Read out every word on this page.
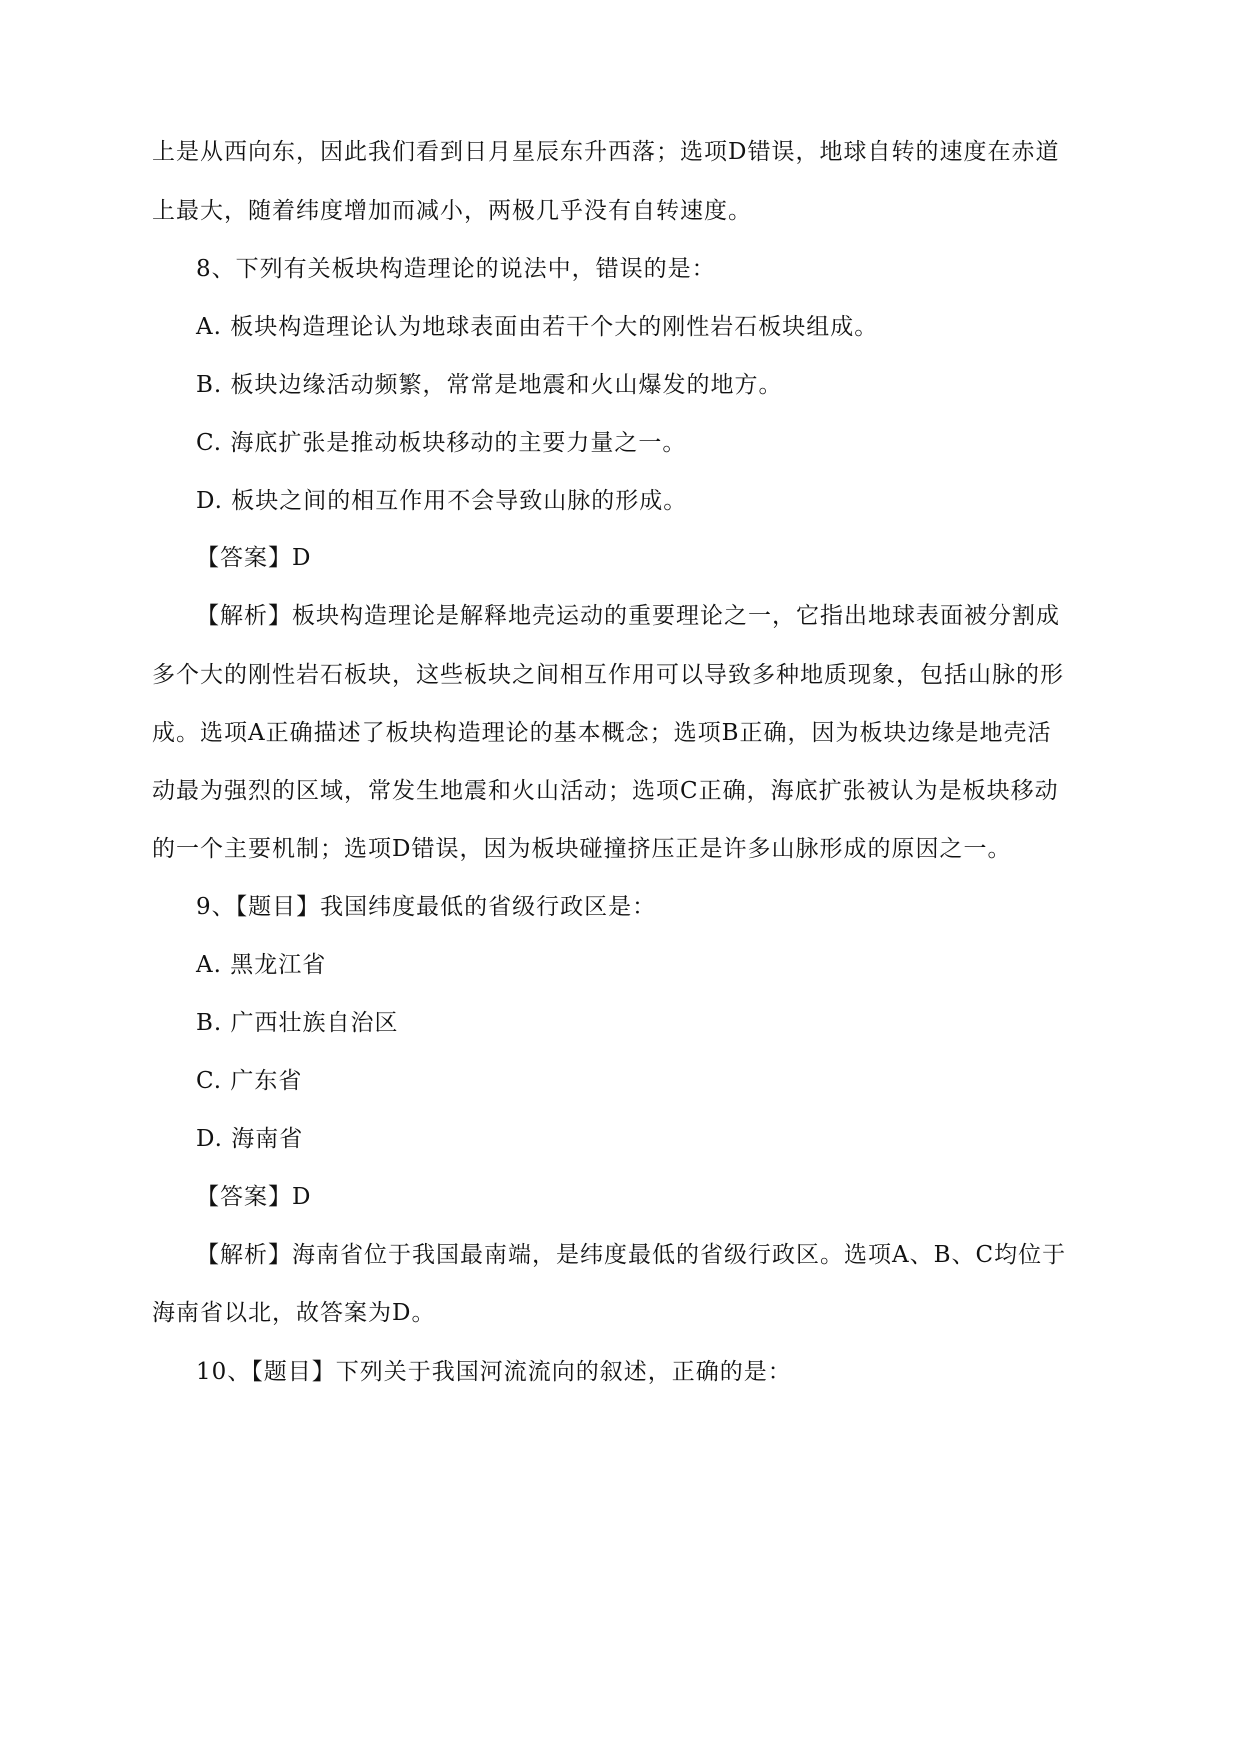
上是从西向东，因此我们看到日月星辰东升西落；选项D错误，地球自转的速度在赤道
上最大，随着纬度增加而减小，两极几乎没有自转速度。
8、下列有关板块构造理论的说法中，错误的是：
A. 板块构造理论认为地球表面由若干个大的刚性岩石板块组成。
B. 板块边缘活动频繁，常常是地震和火山爆发的地方。
C. 海底扩张是推动板块移动的主要力量之一。
D. 板块之间的相互作用不会导致山脉的形成。
【答案】D
【解析】板块构造理论是解释地壳运动的重要理论之一，它指出地球表面被分割成
多个大的刚性岩石板块，这些板块之间相互作用可以导致多种地质现象，包括山脉的形
成。选项A正确描述了板块构造理论的基本概念；选项B正确，因为板块边缘是地壳活
动最为强烈的区域，常发生地震和火山活动；选项C正确，海底扩张被认为是板块移动
的一个主要机制；选项D错误，因为板块碰撞挤压正是许多山脉形成的原因之一。
9、【题目】我国纬度最低的省级行政区是：
A. 黑龙江省
B. 广西壮族自治区
C. 广东省
D. 海南省
【答案】D
【解析】海南省位于我国最南端，是纬度最低的省级行政区。选项A、B、C均位于
海南省以北，故答案为D。
10、【题目】下列关于我国河流流向的叙述，正确的是：
